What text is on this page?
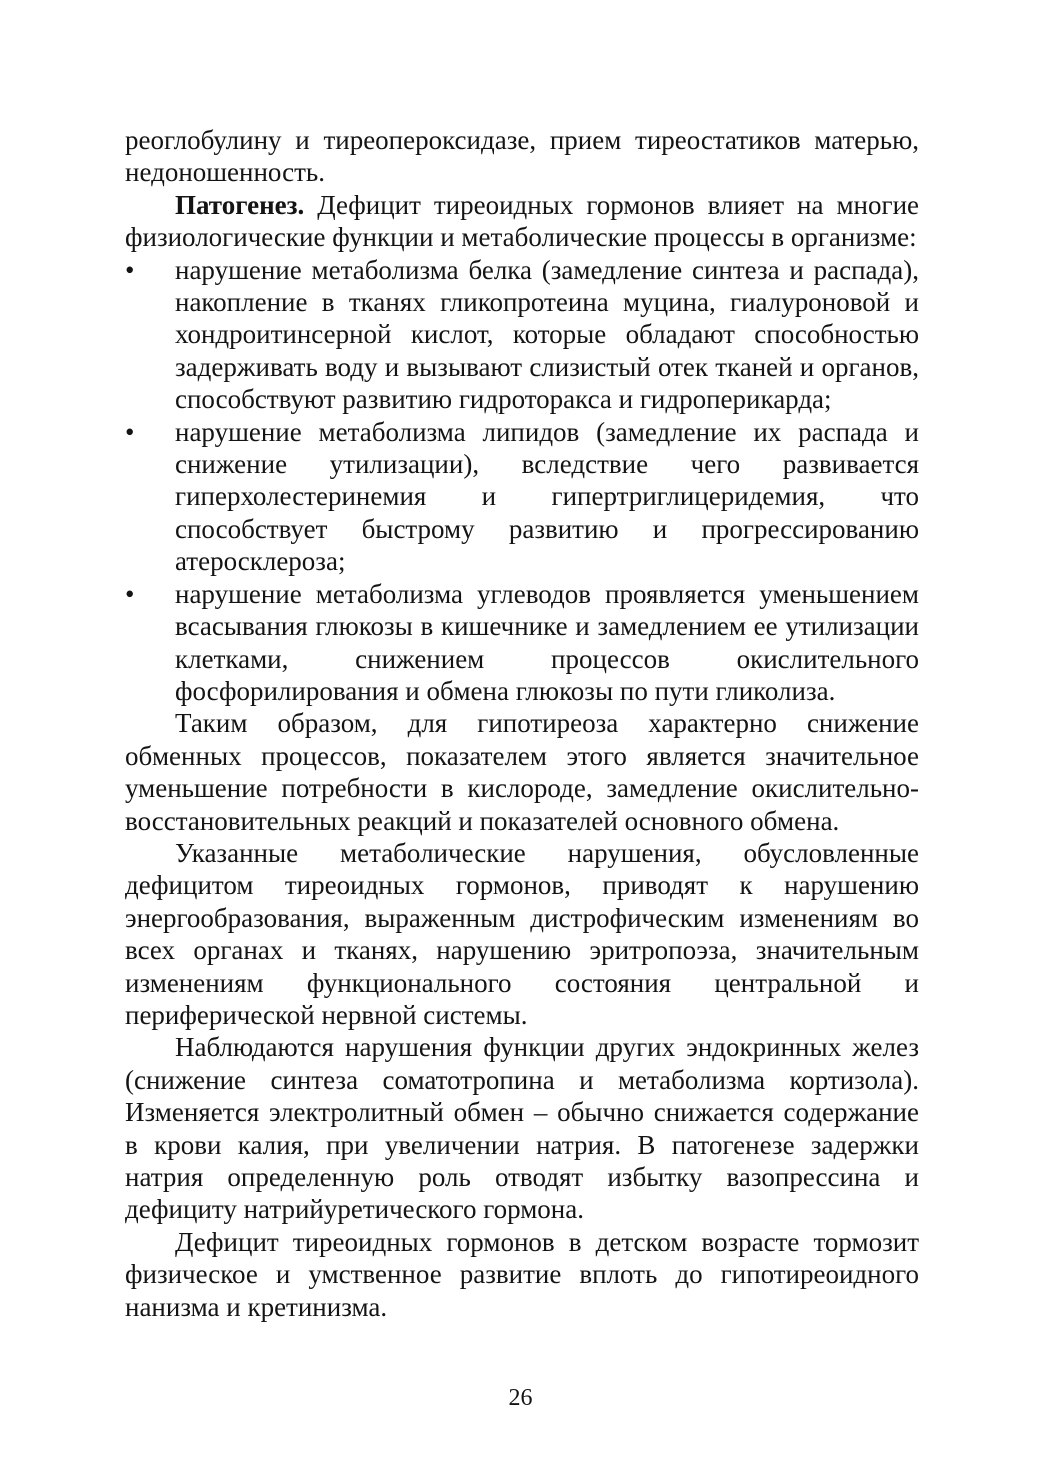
реоглобулину и тиреопероксидазе, прием тиреостатиков матерью, недоношенность.

Патогенез. Дефицит тиреоидных гормонов влияет на многие физиологические функции и метаболические процессы в организме:

•	нарушение метаболизма белка (замедление синтеза и распада), накопление в тканях гликопротеина муцина, гиалуроновой и хондроитинсерной кислот, которые обладают способностью задерживать воду и вызывают слизистый отек тканей и органов, способствуют развитию гидроторакса и гидроперикарда;
•	нарушение метаболизма липидов (замедление их распада и снижение утилизации), вследствие чего развивается гиперхолестеринемия и гипертриглицеридемия, что способствует быстрому развитию и прогрессированию атеросклероза;
•	нарушение метаболизма углеводов проявляется уменьшением всасывания глюкозы в кишечнике и замедлением ее утилизации клетками, снижением процессов окислительного фосфорилирования и обмена глюкозы по пути гликолиза.

Таким образом, для гипотиреоза характерно снижение обменных процессов, показателем этого является значительное уменьшение потребности в кислороде, замедление окислительно-восстановительных реакций и показателей основного обмена.

Указанные метаболические нарушения, обусловленные дефицитом тиреоидных гормонов, приводят к нарушению энергообразования, выраженным дистрофическим изменениям во всех органах и тканях, нарушению эритропоэза, значительным изменениям функционального состояния центральной и периферической нервной системы.

Наблюдаются нарушения функции других эндокринных желез (снижение синтеза соматотропина и метаболизма кортизола). Изменяется электролитный обмен – обычно снижается содержание в крови калия, при увеличении натрия. В патогенезе задержки натрия определенную роль отводят избытку вазопрессина и дефициту натрийуретического гормона.

Дефицит тиреоидных гормонов в детском возрасте тормозит физическое и умственное развитие вплоть до гипотиреоидного нанизма и кретинизма.

26
